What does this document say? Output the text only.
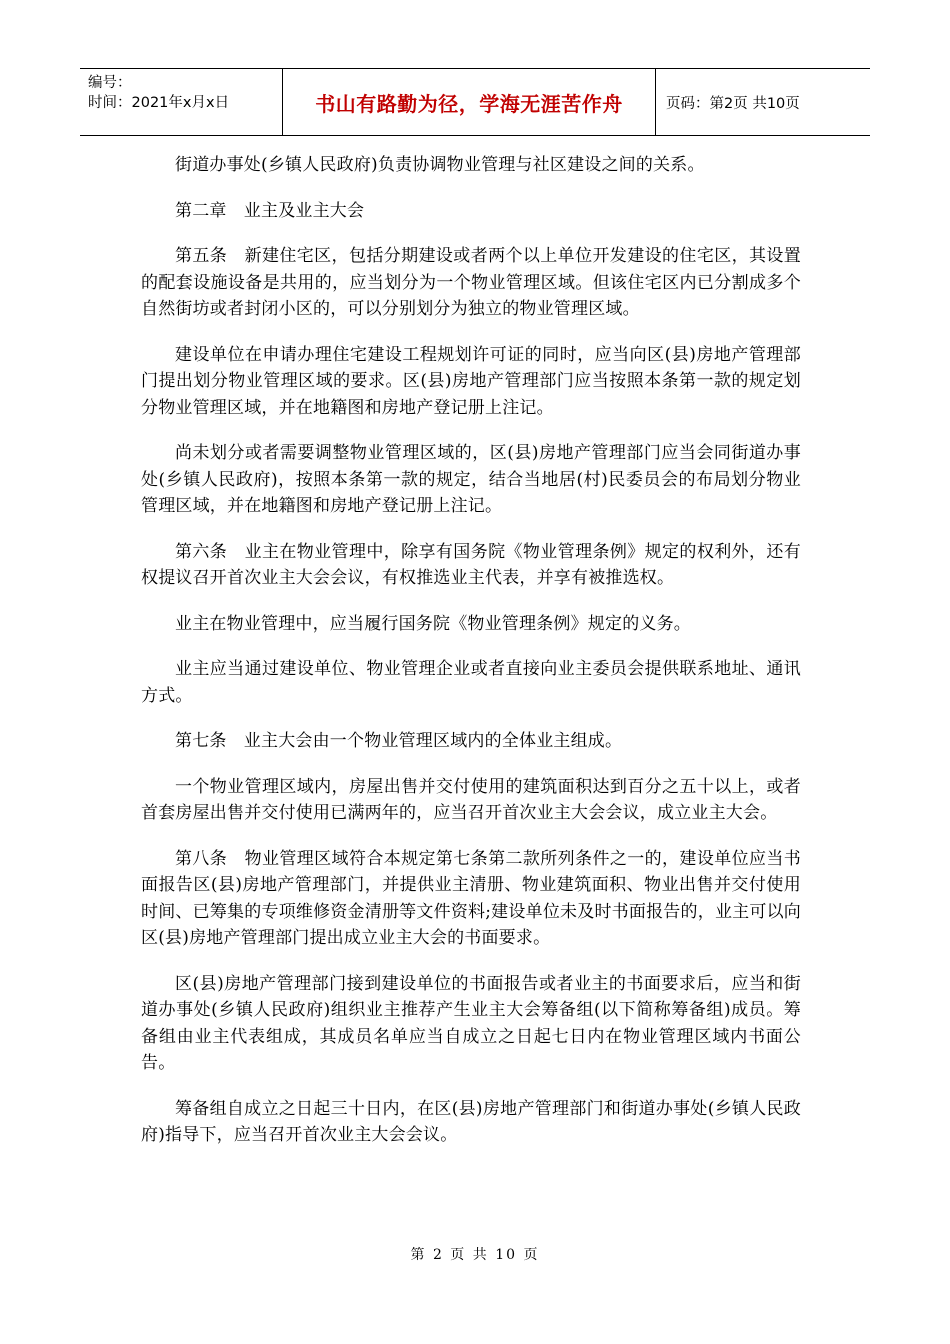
编号：
时间：2021年x月x日	书山有路勤为径，学海无涯苦作舟	页码：第2页 共10页

街道办事处(乡镇人民政府)负责协调物业管理与社区建设之间的关系。

第二章　业主及业主大会

第五条　新建住宅区，包括分期建设或者两个以上单位开发建设的住宅区，其设置的配套设施设备是共用的，应当划分为一个物业管理区域。但该住宅区内已分割成多个自然街坊或者封闭小区的，可以分别划分为独立的物业管理区域。

建设单位在申请办理住宅建设工程规划许可证的同时，应当向区(县)房地产管理部门提出划分物业管理区域的要求。区(县)房地产管理部门应当按照本条第一款的规定划分物业管理区域，并在地籍图和房地产登记册上注记。

尚未划分或者需要调整物业管理区域的，区(县)房地产管理部门应当会同街道办事处(乡镇人民政府)，按照本条第一款的规定，结合当地居(村)民委员会的布局划分物业管理区域，并在地籍图和房地产登记册上注记。

第六条　业主在物业管理中，除享有国务院《物业管理条例》规定的权利外，还有权提议召开首次业主大会会议，有权推选业主代表，并享有被推选权。

业主在物业管理中，应当履行国务院《物业管理条例》规定的义务。

业主应当通过建设单位、物业管理企业或者直接向业主委员会提供联系地址、通讯方式。

第七条　业主大会由一个物业管理区域内的全体业主组成。

一个物业管理区域内，房屋出售并交付使用的建筑面积达到百分之五十以上，或者首套房屋出售并交付使用已满两年的，应当召开首次业主大会会议，成立业主大会。

第八条　物业管理区域符合本规定第七条第二款所列条件之一的，建设单位应当书面报告区(县)房地产管理部门，并提供业主清册、物业建筑面积、物业出售并交付使用时间、已筹集的专项维修资金清册等文件资料;建设单位未及时书面报告的，业主可以向区(县)房地产管理部门提出成立业主大会的书面要求。

区(县)房地产管理部门接到建设单位的书面报告或者业主的书面要求后，应当和街道办事处(乡镇人民政府)组织业主推荐产生业主大会筹备组(以下简称筹备组)成员。筹备组由业主代表组成，其成员名单应当自成立之日起七日内在物业管理区域内书面公告。

筹备组自成立之日起三十日内，在区(县)房地产管理部门和街道办事处(乡镇人民政府)指导下，应当召开首次业主大会会议。

第 2 页 共 10 页
